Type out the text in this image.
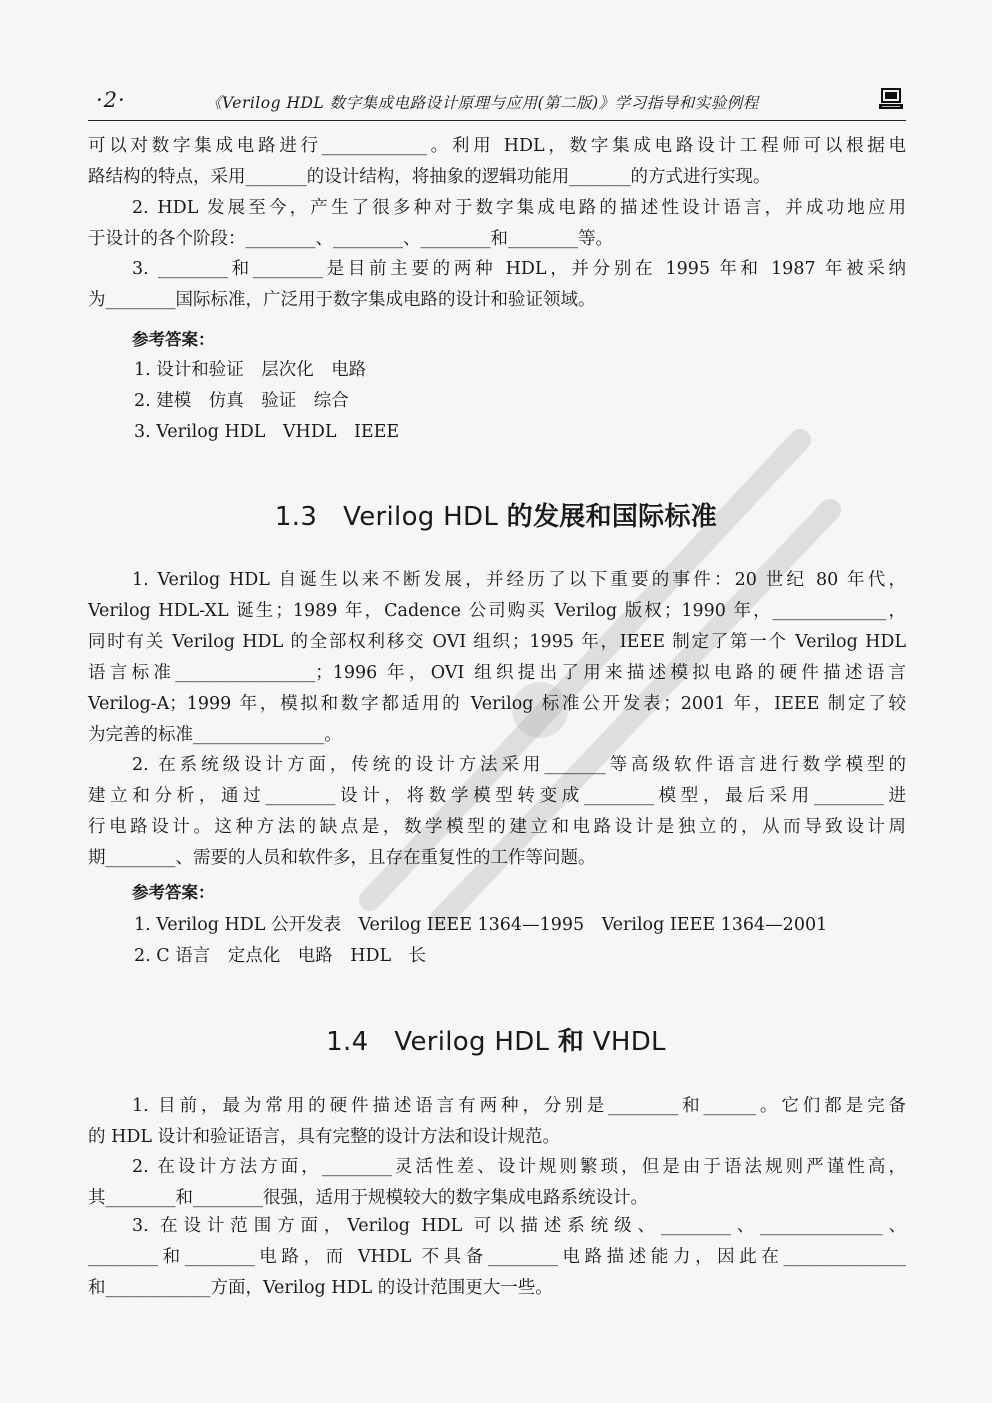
·2·	《Verilog HDL 数字集成电路设计原理与应用(第二版)》学习指导和实验例程

可以对数字集成电路进行____________。利用 HDL，数字集成电路设计工程师可以根据电
路结构的特点，采用_______的设计结构，将抽象的逻辑功能用_______的方式进行实现。

2. HDL 发展至今，产生了很多种对于数字集成电路的描述性设计语言，并成功地应用
于设计的各个阶段：________、________、________和________等。

3. ________和________是目前主要的两种 HDL，并分别在 1995 年和 1987 年被采纳
为________国际标准，广泛用于数字集成电路的设计和验证领域。

参考答案：
1. 设计和验证　层次化　电路
2. 建模　仿真　验证　综合
3. Verilog HDL　VHDL　IEEE
1.3 Verilog HDL 的发展和国际标准

1. Verilog HDL 自诞生以来不断发展，并经历了以下重要的事件：20 世纪 80 年代，
Verilog HDL-XL 诞生；1989 年，Cadence 公司购买 Verilog 版权；1990 年，_____________，
同时有关 Verilog HDL 的全部权利移交 OVI 组织；1995 年，IEEE 制定了第一个 Verilog HDL
语言标准________________；1996 年，OVI 组织提出了用来描述模拟电路的硬件描述语言
Verilog-A；1999 年，模拟和数字都适用的 Verilog 标准公开发表；2001 年，IEEE 制定了较
为完善的标准_______________。

2. 在系统级设计方面，传统的设计方法采用_______等高级软件语言进行数学模型的
建立和分析，通过________设计，将数学模型转变成________模型，最后采用________进
行电路设计。这种方法的缺点是，数学模型的建立和电路设计是独立的，从而导致设计周
期________、需要的人员和软件多，且存在重复性的工作等问题。

参考答案：
1. Verilog HDL 公开发表　Verilog IEEE 1364—1995　Verilog IEEE 1364—2001
2. C 语言　定点化　电路　HDL　长
1.4 Verilog HDL 和 VHDL

1. 目前，最为常用的硬件描述语言有两种，分别是________和______。它们都是完备
的 HDL 设计和验证语言，具有完整的设计方法和设计规范。

2. 在设计方法方面，________灵活性差、设计规则繁琐，但是由于语法规则严谨性高，
其________和________很强，适用于规模较大的数字集成电路系统设计。

3. 在设计范围方面，Verilog HDL 可以描述系统级、________、______________、
________和________电路，而 VHDL 不具备________电路描述能力，因此在______________
和____________方面，Verilog HDL 的设计范围更大一些。
